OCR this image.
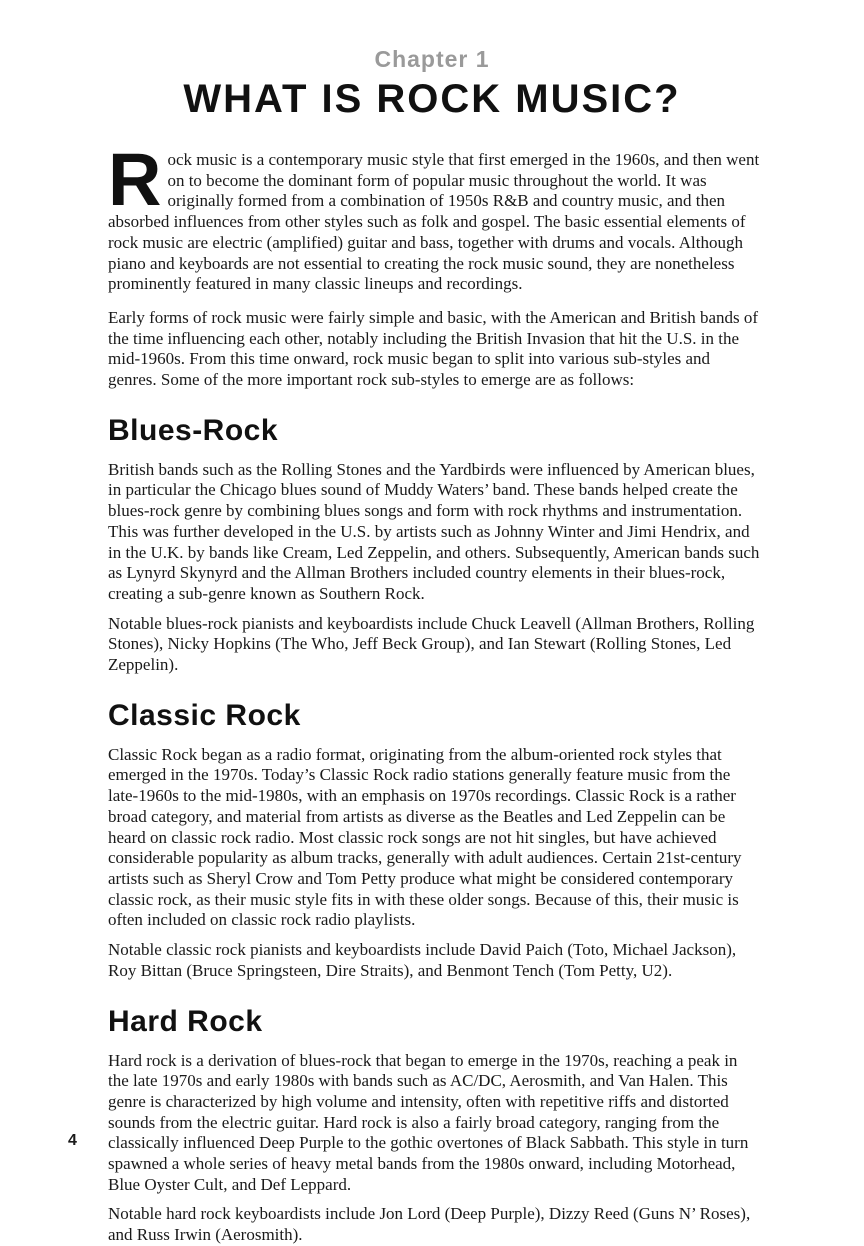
Chapter 1
WHAT IS ROCK MUSIC?

Rock music is a contemporary music style that first emerged in the 1960s, and then went on to become the dominant form of popular music throughout the world. It was originally formed from a combination of 1950s R&B and country music, and then absorbed influences from other styles such as folk and gospel. The basic essential elements of rock music are electric (amplified) guitar and bass, together with drums and vocals. Although piano and keyboards are not essential to creating the rock music sound, they are nonetheless prominently featured in many classic lineups and recordings.

Early forms of rock music were fairly simple and basic, with the American and British bands of the time influencing each other, notably including the British Invasion that hit the U.S. in the mid-1960s. From this time onward, rock music began to split into various sub-styles and genres. Some of the more important rock sub-styles to emerge are as follows:

Blues-Rock

British bands such as the Rolling Stones and the Yardbirds were influenced by American blues, in particular the Chicago blues sound of Muddy Waters’ band. These bands helped create the blues-rock genre by combining blues songs and form with rock rhythms and instrumentation. This was further developed in the U.S. by artists such as Johnny Winter and Jimi Hendrix, and in the U.K. by bands like Cream, Led Zeppelin, and others. Subsequently, American bands such as Lynyrd Skynyrd and the Allman Brothers included country elements in their blues-rock, creating a sub-genre known as Southern Rock.

Notable blues-rock pianists and keyboardists include Chuck Leavell (Allman Brothers, Rolling Stones), Nicky Hopkins (The Who, Jeff Beck Group), and Ian Stewart (Rolling Stones, Led Zeppelin).

Classic Rock

Classic Rock began as a radio format, originating from the album-oriented rock styles that emerged in the 1970s. Today’s Classic Rock radio stations generally feature music from the late-1960s to the mid-1980s, with an emphasis on 1970s recordings. Classic Rock is a rather broad category, and material from artists as diverse as the Beatles and Led Zeppelin can be heard on classic rock radio. Most classic rock songs are not hit singles, but have achieved considerable popularity as album tracks, generally with adult audiences. Certain 21st-century artists such as Sheryl Crow and Tom Petty produce what might be considered contemporary classic rock, as their music style fits in with these older songs. Because of this, their music is often included on classic rock radio playlists.

Notable classic rock pianists and keyboardists include David Paich (Toto, Michael Jackson), Roy Bittan (Bruce Springsteen, Dire Straits), and Benmont Tench (Tom Petty, U2).

Hard Rock

Hard rock is a derivation of blues-rock that began to emerge in the 1970s, reaching a peak in the late 1970s and early 1980s with bands such as AC/DC, Aerosmith, and Van Halen. This genre is characterized by high volume and intensity, often with repetitive riffs and distorted sounds from the electric guitar. Hard rock is also a fairly broad category, ranging from the classically influenced Deep Purple to the gothic overtones of Black Sabbath. This style in turn spawned a whole series of heavy metal bands from the 1980s onward, including Motorhead, Blue Oyster Cult, and Def Leppard.

Notable hard rock keyboardists include Jon Lord (Deep Purple), Dizzy Reed (Guns N’ Roses), and Russ Irwin (Aerosmith).

4
